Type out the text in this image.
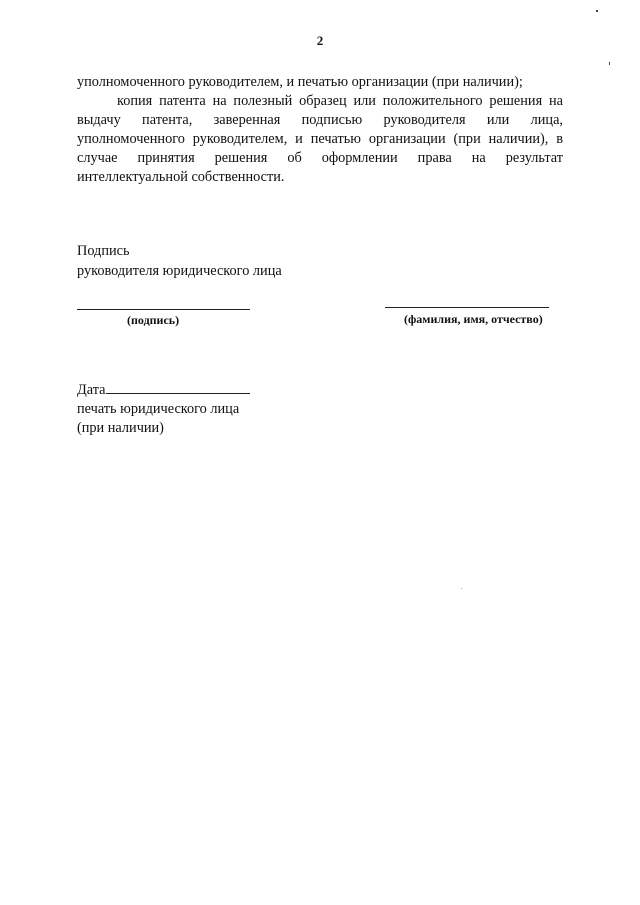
2
уполномоченного руководителем, и печатью организации (при наличии);
копия патента на полезный образец или положительного решения на
выдачу патента, заверенная подписью руководителя или лица,
уполномоченного руководителем, и печатью организации (при наличии), в
случае принятия решения об оформлении права на результат
интеллектуальной собственности.
Подпись
руководителя юридического лица
(подпись)	(фамилия, имя, отчество)
Дата
печать юридического лица
(при наличии)
